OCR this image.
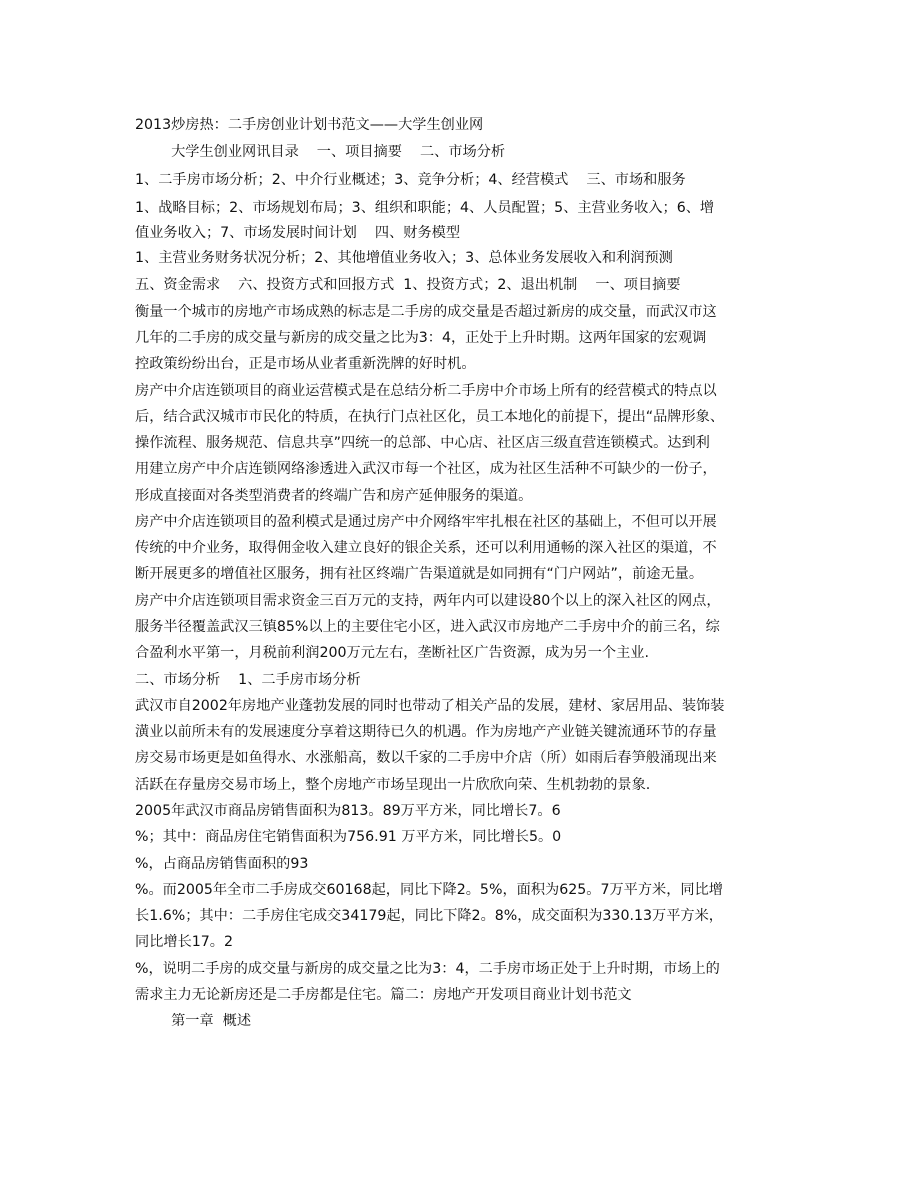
2013炒房热：二手房创业计划书范文——大学生创业网
大学生创业网讯目录    一、项目摘要    二、市场分析
1、二手房市场分析；2、中介行业概述；3、竞争分析；4、经营模式    三、市场和服务
1、战略目标；2、市场规划布局；3、组织和职能；4、人员配置；5、主营业务收入；6、增
值业务收入；7、市场发展时间计划    四、财务模型
1、主营业务财务状况分析；2、其他增值业务收入；3、总体业务发展收入和利润预测
五、资金需求    六、投资方式和回报方式  1、投资方式；2、退出机制    一、项目摘要
衡量一个城市的房地产市场成熟的标志是二手房的成交量是否超过新房的成交量，而武汉市这
几年的二手房的成交量与新房的成交量之比为3：4，正处于上升时期。这两年国家的宏观调
控政策纷纷出台，正是市场从业者重新洗牌的好时机。
房产中介店连锁项目的商业运营模式是在总结分析二手房中介市场上所有的经营模式的特点以
后，结合武汉城市市民化的特质，在执行门点社区化，员工本地化的前提下，提出“品牌形象、
操作流程、服务规范、信息共享”四统一的总部、中心店、社区店三级直营连锁模式。达到利
用建立房产中介店连锁网络渗透进入武汉市每一个社区，成为社区生活种不可缺少的一份子，
形成直接面对各类型消费者的终端广告和房产延伸服务的渠道。
房产中介店连锁项目的盈利模式是通过房产中介网络牢牢扎根在社区的基础上，不但可以开展
传统的中介业务，取得佣金收入建立良好的银企关系，还可以利用通畅的深入社区的渠道，不
断开展更多的增值社区服务，拥有社区终端广告渠道就是如同拥有“门户网站”，前途无量。
房产中介店连锁项目需求资金三百万元的支持，两年内可以建设80个以上的深入社区的网点，
服务半径覆盖武汉三镇85%以上的主要住宅小区，进入武汉市房地产二手房中介的前三名，综
合盈利水平第一，月税前利润200万元左右，垄断社区广告资源，成为另一个主业.
二、市场分析    1、二手房市场分析
武汉市自2002年房地产业蓬勃发展的同时也带动了相关产品的发展，建材、家居用品、装饰装
潢业以前所未有的发展速度分享着这期待已久的机遇。作为房地产产业链关键流通环节的存量
房交易市场更是如鱼得水、水涨船高，数以千家的二手房中介店（所）如雨后春笋般涌现出来
活跃在存量房交易市场上，整个房地产市场呈现出一片欣欣向荣、生机勃勃的景象.
2005年武汉市商品房销售面积为813。89万平方米，同比增长7。6
%；其中：商品房住宅销售面积为756.91 万平方米，同比增长5。0
%，占商品房销售面积的93
%。而2005年全市二手房成交60168起，同比下降2。5%，面积为625。7万平方米，同比增
长1.6%；其中：二手房住宅成交34179起，同比下降2。8%，成交面积为330.13万平方米，
同比增长17。2
%，说明二手房的成交量与新房的成交量之比为3：4，二手房市场正处于上升时期，市场上的
需求主力无论新房还是二手房都是住宅。篇二：房地产开发项目商业计划书范文
第一章  概述
